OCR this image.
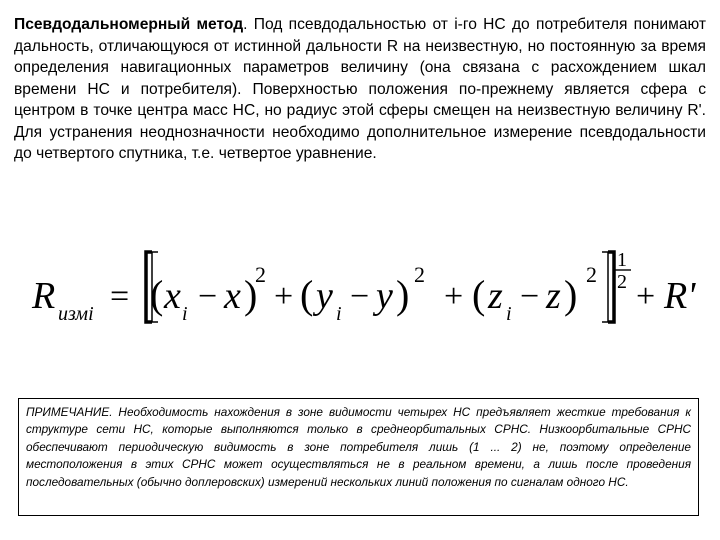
Псевдодальномерный метод. Под псевдодальностью от i-го НС до потребителя понимают дальность, отличающуюся от истинной дальности R на неизвестную, но постоянную за время определения навигационных параметров величину (она связана с расхождением шкал времени НС и потребителя). Поверхностью положения по-прежнему является сфера с центром в точке центра масс НС, но радиус этой сферы смещен на неизвестную величину R'. Для устранения неоднозначности необходимо дополнительное измерение псевдодальности до четвертого спутника, т.е. четвертое уравнение.

R измi = ( x i − x )
2
+ ( y i − y ) 2
+ ( z i − z ) 2
1
2 + R'
ПРИМЕЧАНИЕ. Необходимость нахождения в зоне видимости четырех НС предъявляет жесткие требования к структуре сети НС, которые выполняются только в среднеорбитальных СРНС. Низкоорбитальные СРНС обеспечивают периодическую видимость в зоне потребителя лишь (1 ... 2) не, поэтому определение местоположения в этих СРНС может осуществляться не в реальном времени, а лишь после проведения последовательных (обычно доплеровских) измерений нескольких линий положения по сигналам одного НС.
